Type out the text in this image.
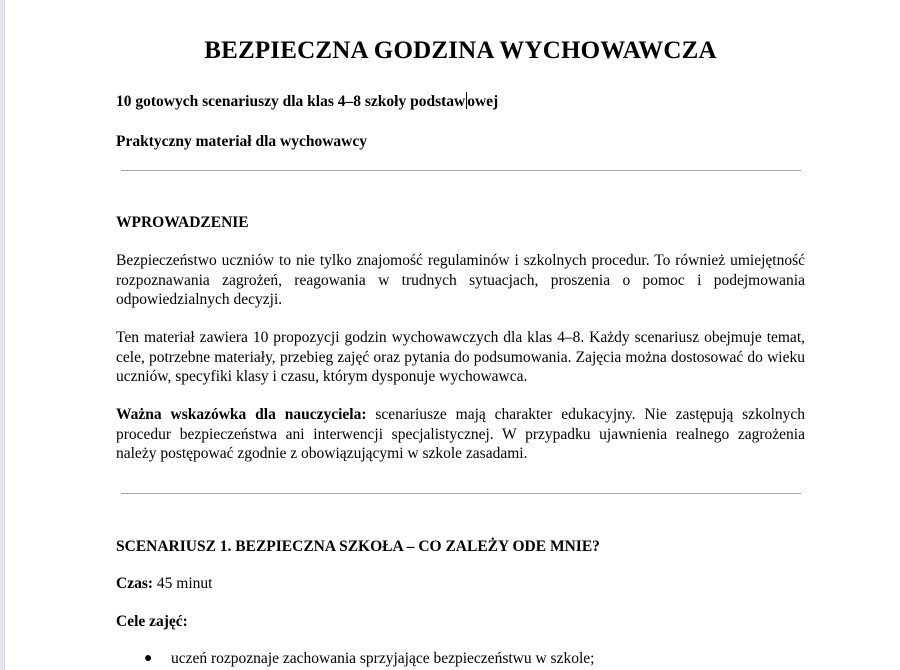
BEZPIECZNA GODZINA WYCHOWAWCZA
10 gotowych scenariuszy dla klas 4–8 szkoły podstaw owej
Praktyczny materiał dla wychowawcy
WPROWADZENIE

Bezpieczeństwo uczniów to nie tylko znajomość regulaminów i szkolnych procedur. To również umiejętność rozpoznawania zagrożeń, reagowania w trudnych sytuacjach, proszenia o pomoc i podejmowania odpowiedzialnych decyzji.

Ten materiał zawiera 10 propozycji godzin wychowawczych dla klas 4–8. Każdy scenariusz obejmuje temat, cele, potrzebne materiały, przebieg zajęć oraz pytania do podsumowania. Zajęcia można dostosować do wieku uczniów, specyfiki klasy i czasu, którym dysponuje wychowawca.

Ważna wskazówka dla nauczyciela: scenariusze mają charakter edukacyjny. Nie zastępują szkolnych procedur bezpieczeństwa ani interwencji specjalistycznej. W przypadku ujawnienia realnego zagrożenia należy postępować zgodnie z obowiązującymi w szkole zasadami.

SCENARIUSZ 1. BEZPIECZNA SZKOŁA – CO ZALEŻY ODE MNIE?
Czas: 45 minut
Cele zajęć:
● uczeń rozpoznaje zachowania sprzyjające bezpieczeństwu w szkole;
